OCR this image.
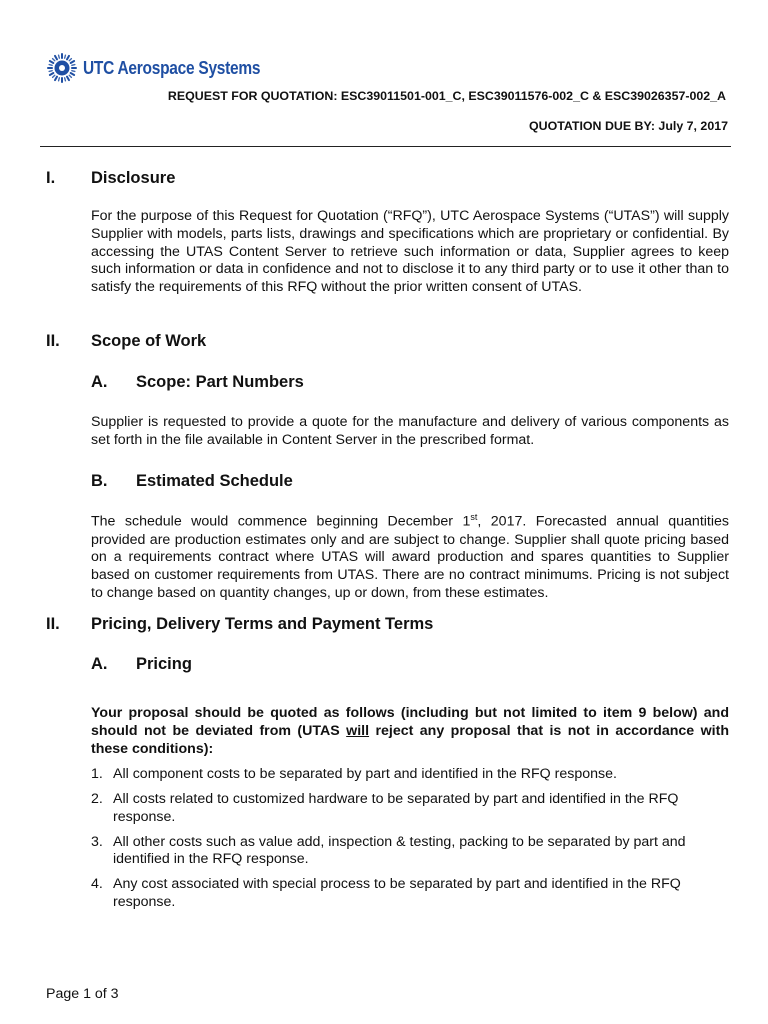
UTC Aerospace Systems
REQUEST FOR QUOTATION: ESC39011501-001_C, ESC39011576-002_C & ESC39026357-002_A
QUOTATION DUE BY: July 7, 2017
I. Disclosure

For the purpose of this Request for Quotation (“RFQ”), UTC Aerospace Systems (“UTAS”) will supply Supplier with models, parts lists, drawings and specifications which are proprietary or confidential. By accessing the UTAS Content Server to retrieve such information or data, Supplier agrees to keep such information or data in confidence and not to disclose it to any third party or to use it other than to satisfy the requirements of this RFQ without the prior written consent of UTAS.

II. Scope of Work
A. Scope: Part Numbers

Supplier is requested to provide a quote for the manufacture and delivery of various components as set forth in the file available in Content Server in the prescribed format.

B. Estimated Schedule

The schedule would commence beginning December 1st, 2017. Forecasted annual quantities provided are production estimates only and are subject to change. Supplier shall quote pricing based on a requirements contract where UTAS will award production and spares quantities to Supplier based on customer requirements from UTAS. There are no contract minimums. Pricing is not subject to change based on quantity changes, up or down, from these estimates.

II. Pricing, Delivery Terms and Payment Terms
A. Pricing

Your proposal should be quoted as follows (including but not limited to item 9 below) and should not be deviated from (UTAS will reject any proposal that is not in accordance with these conditions):

1. All component costs to be separated by part and identified in the RFQ response.
2. All costs related to customized hardware to be separated by part and identified in the RFQ response.
3. All other costs such as value add, inspection & testing, packing to be separated by part and identified in the RFQ response.
4. Any cost associated with special process to be separated by part and identified in the RFQ response.
Page 1 of 3
